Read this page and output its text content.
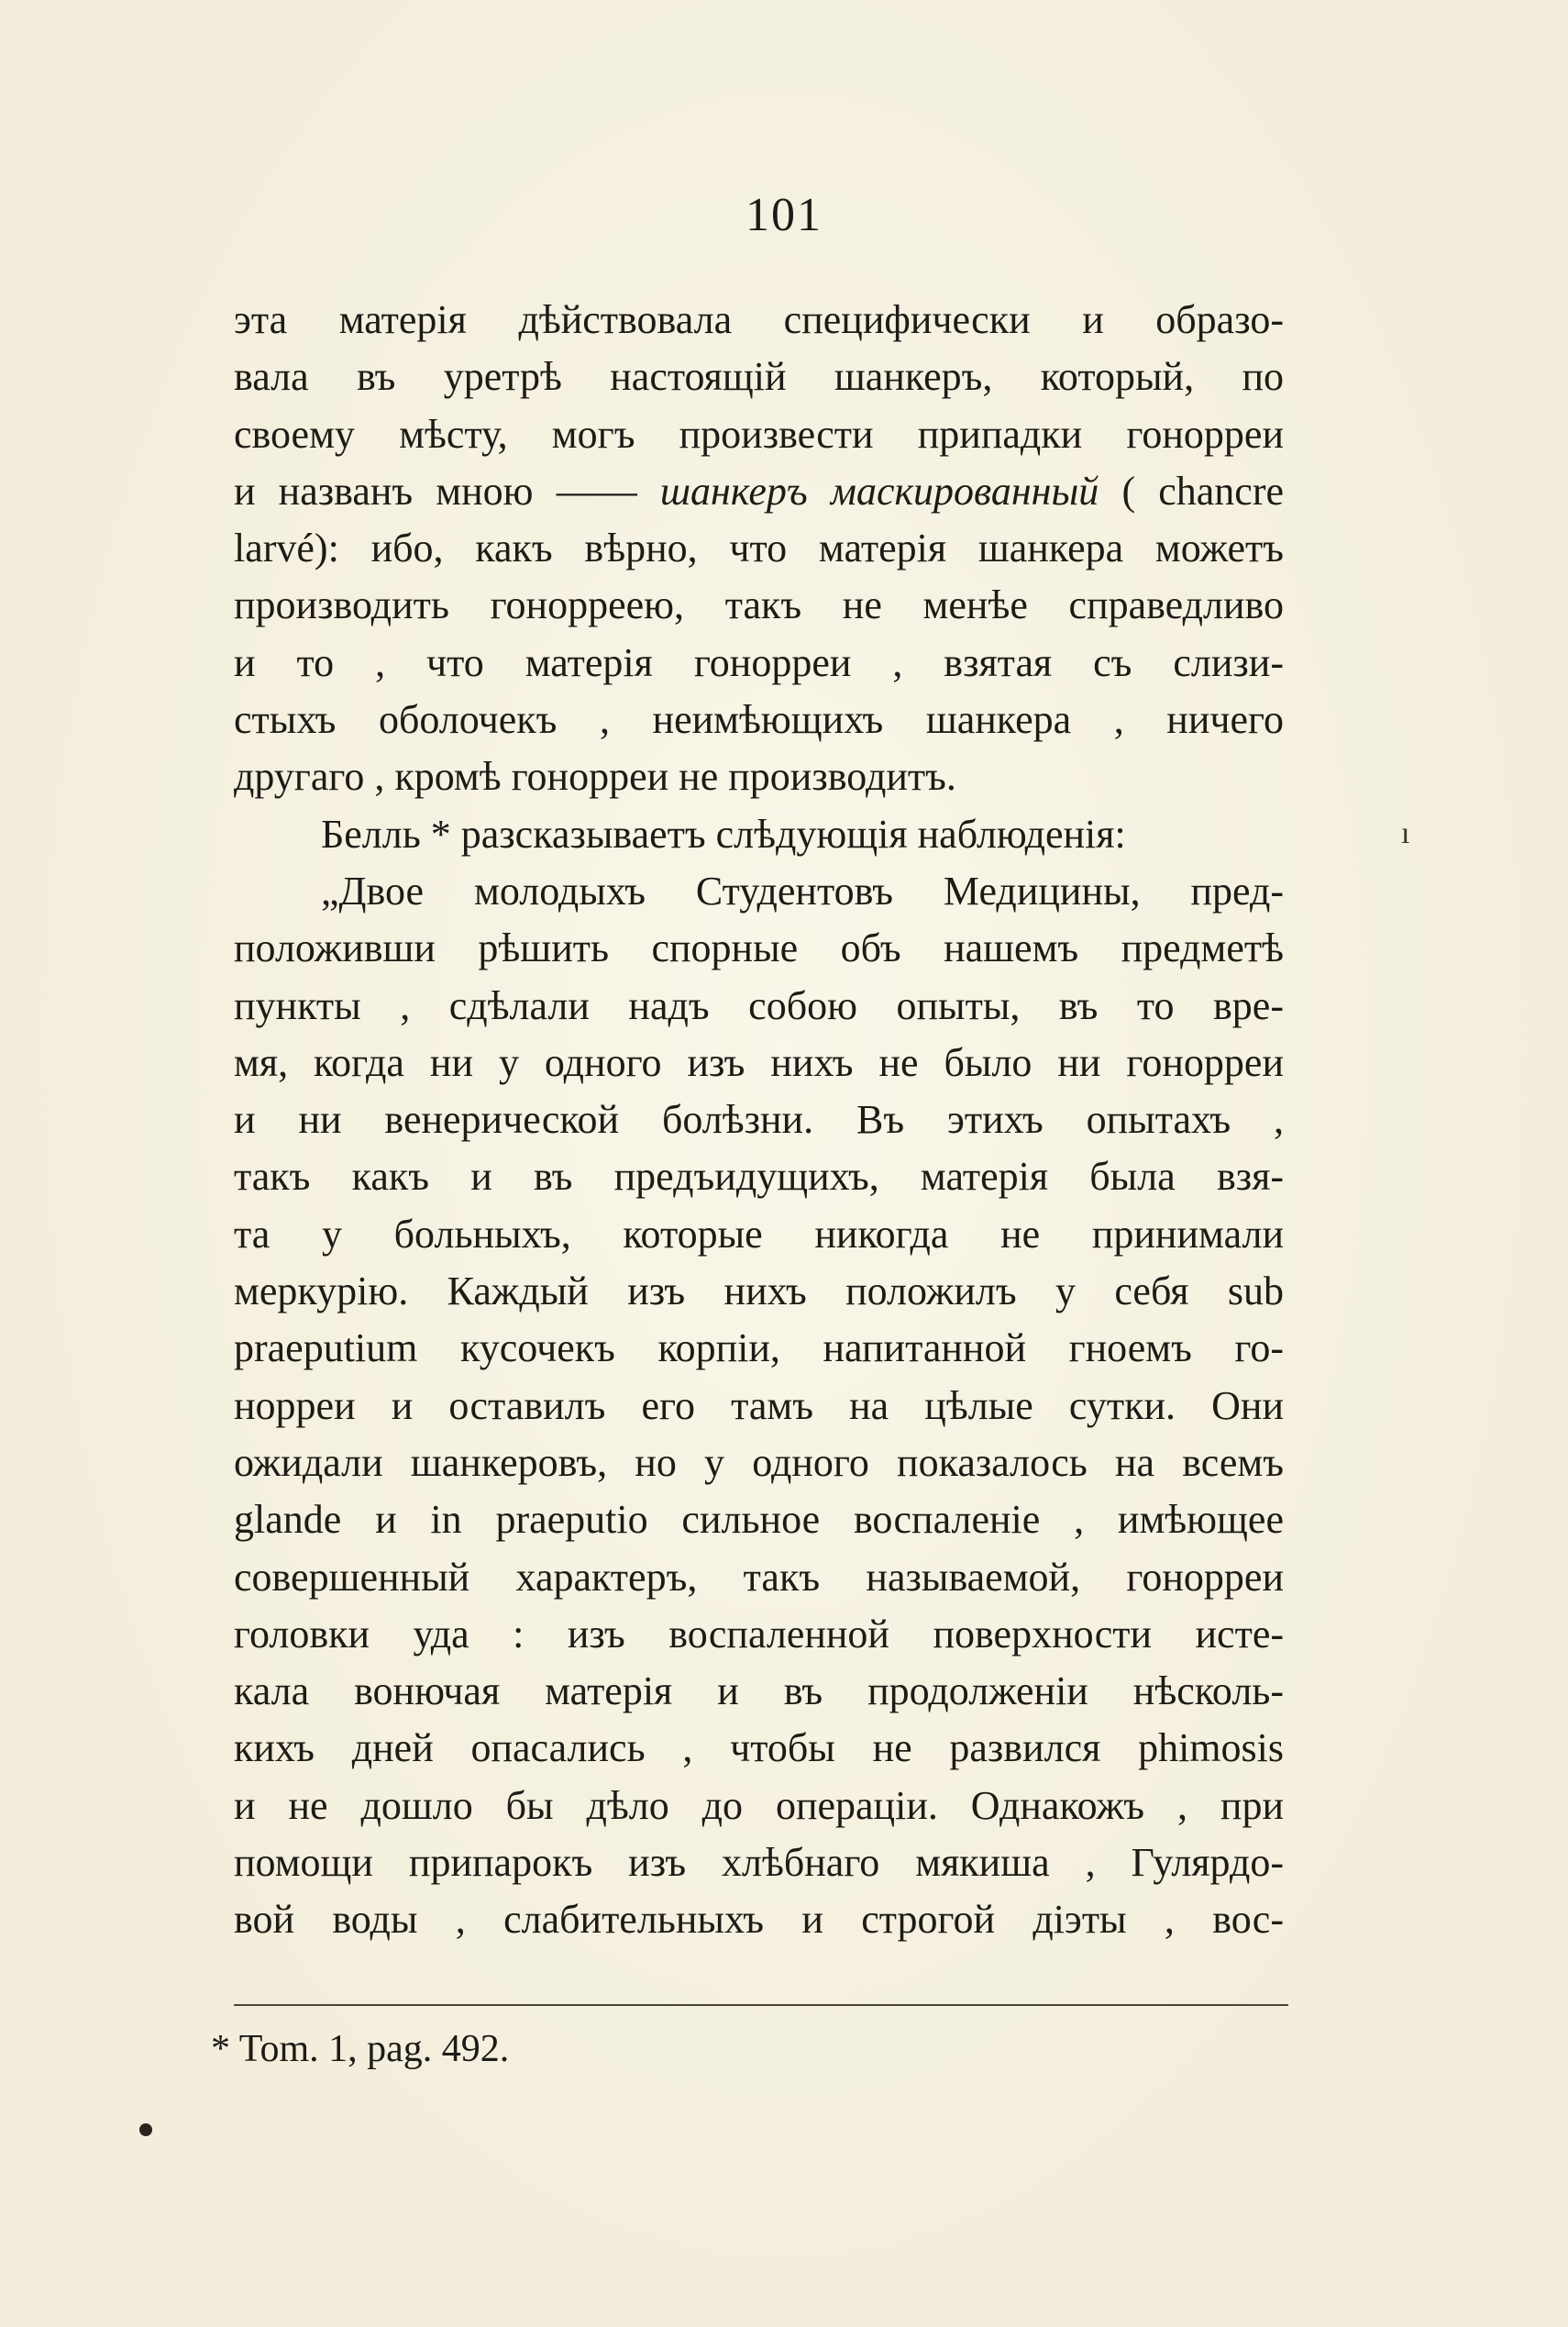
101
эта матерія дѣйствовала специфически и образо-
вала въ уретрѣ настоящій шанкеръ, который, по
своему мѣсту, могъ произвести припадки гонорреи
и названъ мною —— шанкеръ маскированный ( chancre
larvé): ибо, какъ вѣрно, что матерія шанкера можетъ
производить гонорреею, такъ не менѣе справедливо
и то , что матерія гонорреи , взятая съ слизи-
стыхъ оболочекъ , неимѣющихъ шанкера , ничего
другаго , кромѣ гонорреи не производитъ.
Белль * разсказываетъ слѣдующія наблюденія:
„Двое молодыхъ Студентовъ Медицины, пред-
положивши рѣшить спорные объ нашемъ предметѣ
пункты , сдѣлали надъ собою опыты, въ то вре-
мя, когда ни у одного изъ нихъ не было ни гонорреи
и ни венерической болѣзни. Въ этихъ опытахъ ,
такъ какъ и въ предъидущихъ, матерія была взя-
та у больныхъ, которые никогда не принимали
меркурію. Каждый изъ нихъ положилъ у себя sub
praeputium кусочекъ корпіи, напитанной гноемъ го-
норреи и оставилъ его тамъ на цѣлые сутки. Они
ожидали шанкеровъ, но у одного показалось на всемъ
glande и in praeputio сильное воспаленіе , имѣющее
совершенный характеръ, такъ называемой, гонорреи
головки уда : изъ воспаленной поверхности истe-
кала вонючая матерія и въ продолженіи нѣсколь-
кихъ дней опасались , чтобы не развился phimosis
и не дошло бы дѣло до операціи. Однакожъ , при
помощи припарокъ изъ хлѣбнаго мякиша , Гулярдо-
вой воды , слабительныхъ и строгой діэты , вос-
ı
* Tom. 1, pag. 492.
